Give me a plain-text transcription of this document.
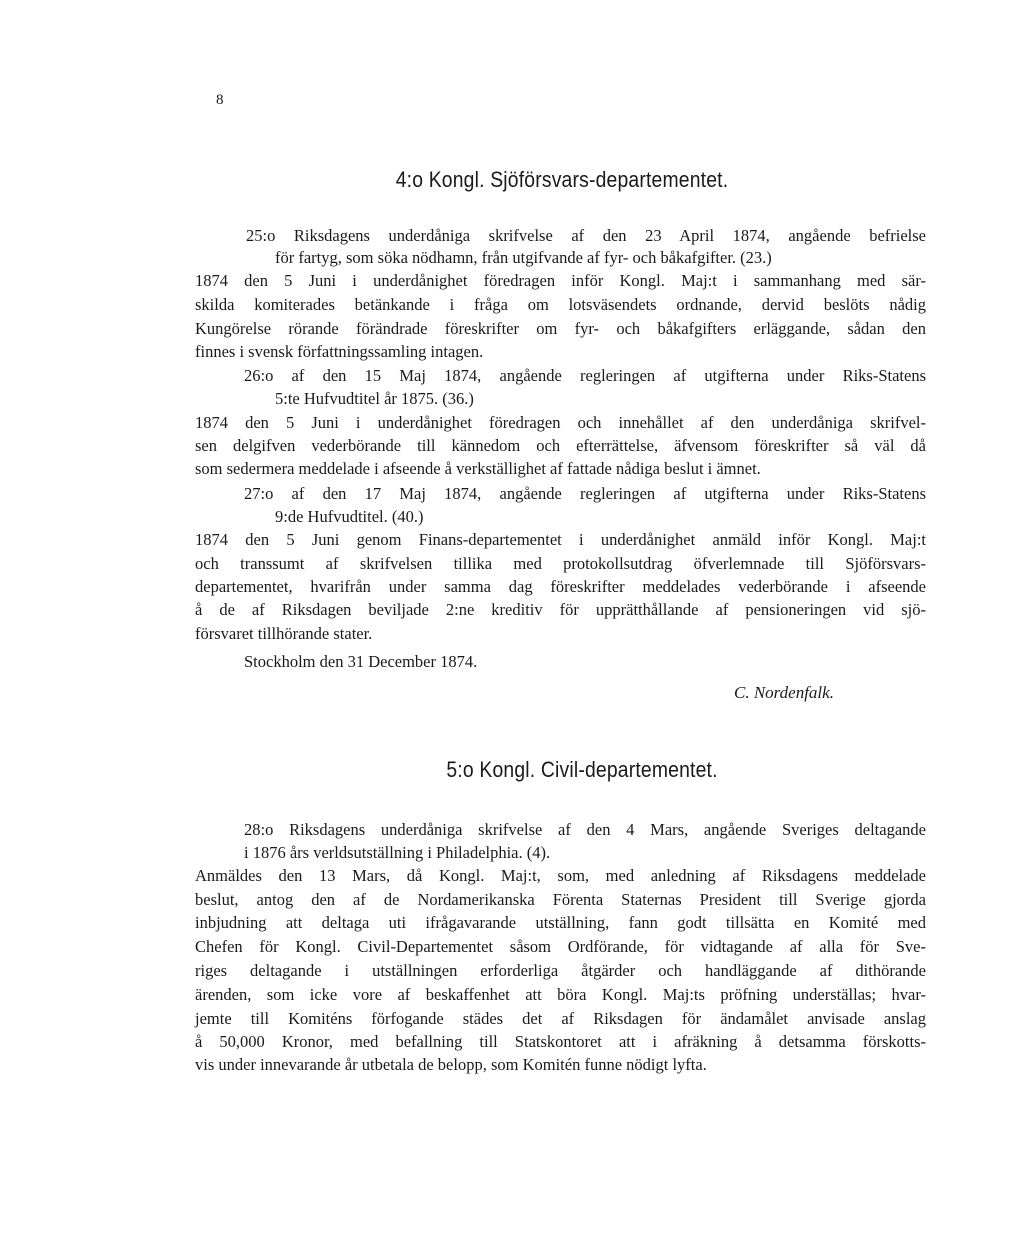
8
4:o Kongl. Sjöförsvars-departementet.
25:o Riksdagens underdåniga skrifvelse af den 23 April 1874, angående befrielse
för fartyg, som söka nödhamn, från utgifvande af fyr- och båkafgifter. (23.)
1874 den 5 Juni i underdånighet föredragen inför Kongl. Maj:t i sammanhang med sär-
skilda komiterades betänkande i fråga om lotsväsendets ordnande, dervid beslöts nådig
Kungörelse rörande förändrade föreskrifter om fyr- och båkafgifters erläggande, sådan den
finnes i svensk författningssamling intagen.
26:o af den 15 Maj 1874, angående regleringen af utgifterna under Riks-Statens
5:te Hufvudtitel år 1875. (36.)
1874 den 5 Juni i underdånighet föredragen och innehållet af den underdåniga skrifvel-
sen delgifven vederbörande till kännedom och efterrättelse, äfvensom föreskrifter så väl då
som sedermera meddelade i afseende å verkställighet af fattade nådiga beslut i ämnet.
27:o af den 17 Maj 1874, angående regleringen af utgifterna under Riks-Statens
9:de Hufvudtitel. (40.)
1874 den 5 Juni genom Finans-departementet i underdånighet anmäld inför Kongl. Maj:t
och transsumt af skrifvelsen tillika med protokollsutdrag öfverlemnade till Sjöförsvars-
departementet, hvarifrån under samma dag föreskrifter meddelades vederbörande i afseende
å de af Riksdagen beviljade 2:ne kreditiv för upprätthållande af pensioneringen vid sjö-
försvaret tillhörande stater.
Stockholm den 31 December 1874.
C. Nordenfalk.
5:o Kongl. Civil-departementet.
28:o Riksdagens underdåniga skrifvelse af den 4 Mars, angående Sveriges deltagande
i 1876 års verldsutställning i Philadelphia. (4).
Anmäldes den 13 Mars, då Kongl. Maj:t, som, med anledning af Riksdagens meddelade
beslut, antog den af de Nordamerikanska Förenta Staternas President till Sverige gjorda
inbjudning att deltaga uti ifrågavarande utställning, fann godt tillsätta en Komité med
Chefen för Kongl. Civil-Departementet såsom Ordförande, för vidtagande af alla för Sve-
riges deltagande i utställningen erforderliga åtgärder och handläggande af dithörande
ärenden, som icke vore af beskaffenhet att böra Kongl. Maj:ts pröfning underställas; hvar-
jemte till Komiténs förfogande städes det af Riksdagen för ändamålet anvisade anslag
å 50,000 Kronor, med befallning till Statskontoret att i afräkning å detsamma förskotts-
vis under innevarande år utbetala de belopp, som Komitén funne nödigt lyfta.
